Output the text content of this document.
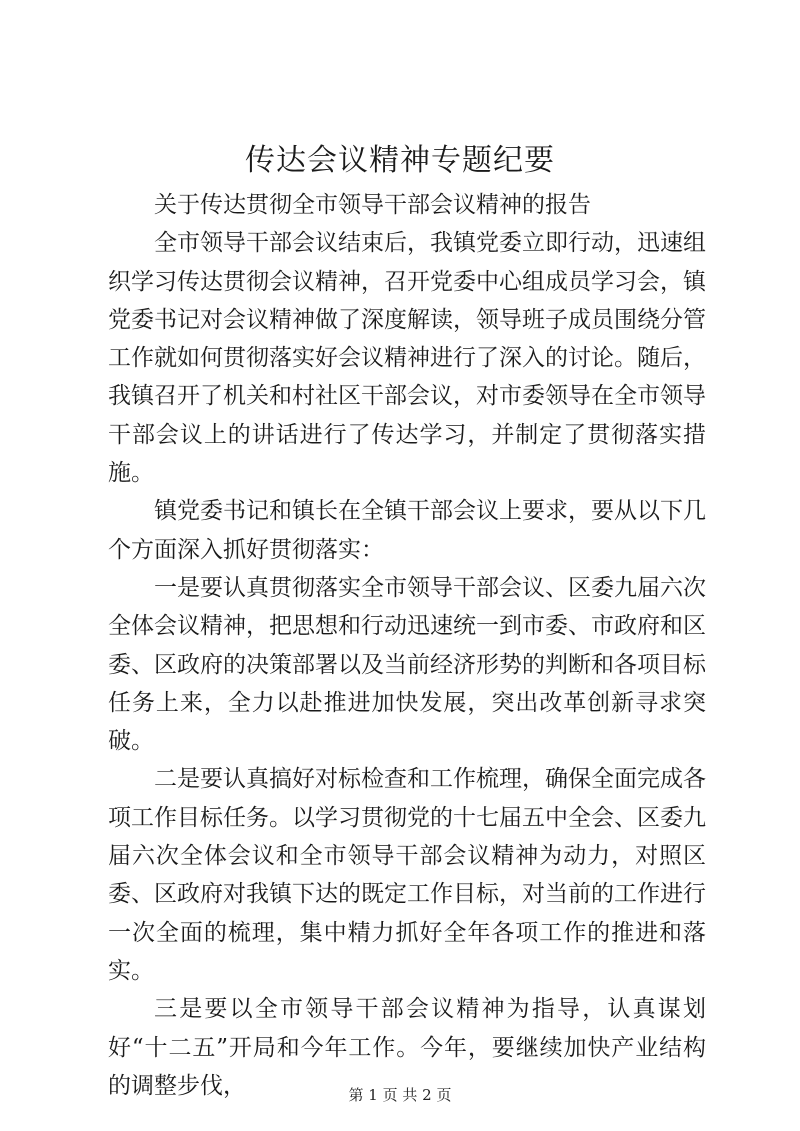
传达会议精神专题纪要

关于传达贯彻全市领导干部会议精神的报告

全市领导干部会议结束后，我镇党委立即行动，迅速组织学习传达贯彻会议精神，召开党委中心组成员学习会，镇党委书记对会议精神做了深度解读，领导班子成员围绕分管工作就如何贯彻落实好会议精神进行了深入的讨论。随后，我镇召开了机关和村社区干部会议，对市委领导在全市领导干部会议上的讲话进行了传达学习，并制定了贯彻落实措施。

镇党委书记和镇长在全镇干部会议上要求，要从以下几个方面深入抓好贯彻落实：

一是要认真贯彻落实全市领导干部会议、区委九届六次全体会议精神，把思想和行动迅速统一到市委、市政府和区委、区政府的决策部署以及当前经济形势的判断和各项目标任务上来，全力以赴推进加快发展，突出改革创新寻求突破。

二是要认真搞好对标检查和工作梳理，确保全面完成各项工作目标任务。以学习贯彻党的十七届五中全会、区委九届六次全体会议和全市领导干部会议精神为动力，对照区委、区政府对我镇下达的既定工作目标，对当前的工作进行一次全面的梳理，集中精力抓好全年各项工作的推进和落实。

三是要以全市领导干部会议精神为指导，认真谋划好“十二五”开局和今年工作。今年，要继续加快产业结构的调整步伐，	第 1 页 共 2 页
